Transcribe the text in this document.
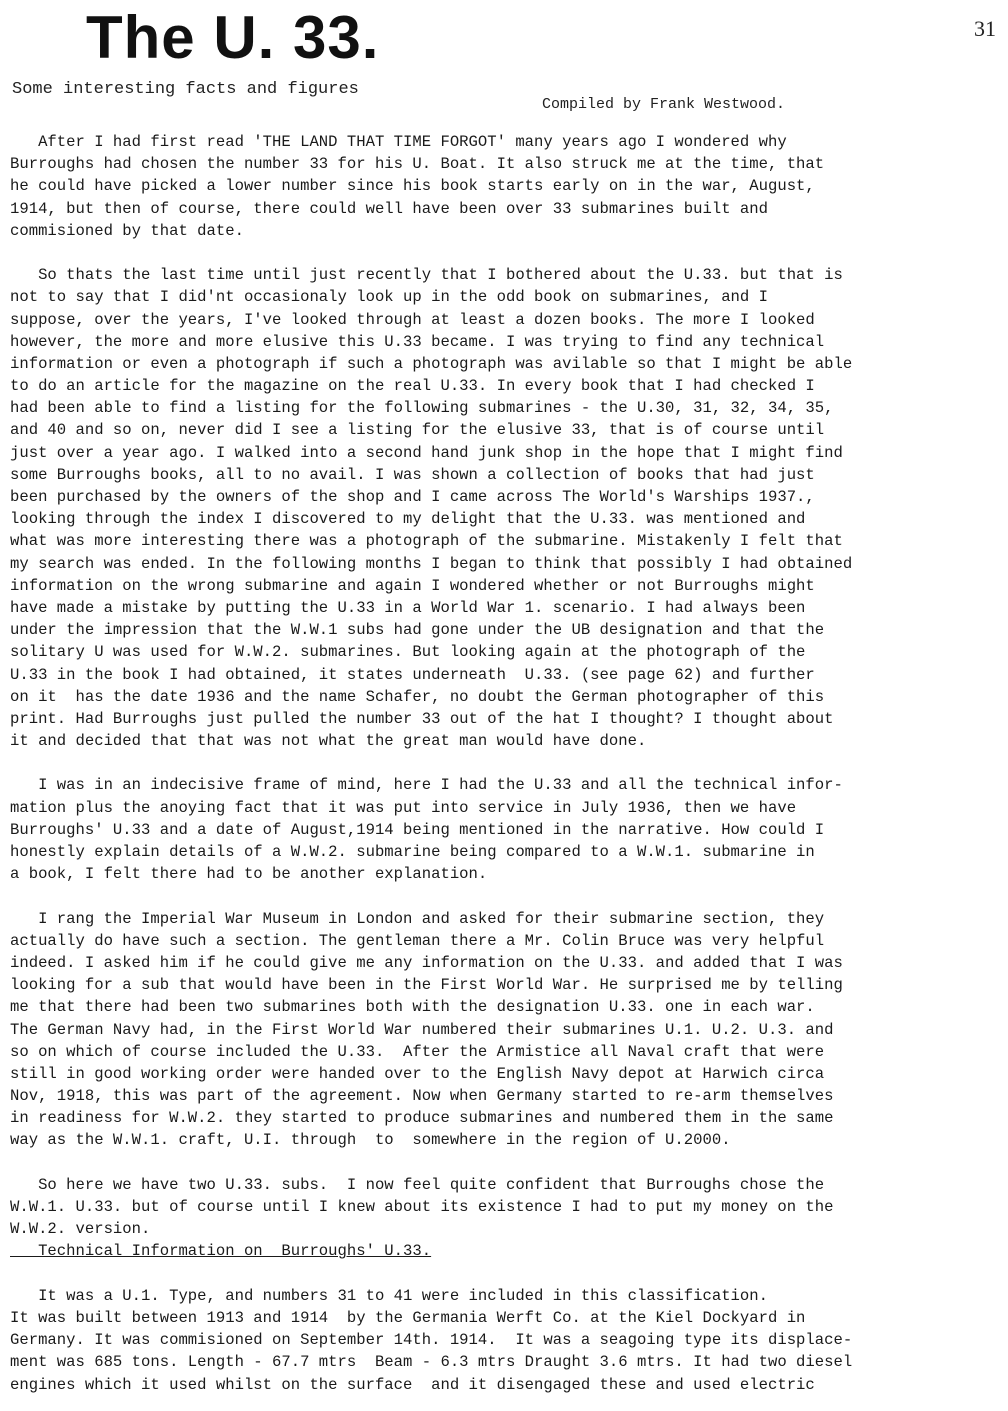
The U. 33.	31
Some interesting facts and figures
Compiled by Frank Westwood.
After I had first read 'THE LAND THAT TIME FORGOT' many years ago I wondered why
Burroughs had chosen the number 33 for his U. Boat. It also struck me at the time, that
he could have picked a lower number since his book starts early on in the war, August,
1914, but then of course, there could well have been over 33 submarines built and
commisioned by that date.
So thats the last time until just recently that I bothered about the U.33. but that is
not to say that I did'nt occasionaly look up in the odd book on submarines, and I
suppose, over the years, I've looked through at least a dozen books. The more I looked
however, the more and more elusive this U.33 became. I was trying to find any technical
information or even a photograph if such a photograph was avilable so that I might be able
to do an article for the magazine on the real U.33. In every book that I had checked I
had been able to find a listing for the following submarines - the U.30, 31, 32, 34, 35,
and 40 and so on, never did I see a listing for the elusive 33, that is of course until
just over a year ago. I walked into a second hand junk shop in the hope that I might find
some Burroughs books, all to no avail. I was shown a collection of books that had just
been purchased by the owners of the shop and I came across The World's Warships 1937.,
looking through the index I discovered to my delight that the U.33. was mentioned and
what was more interesting there was a photograph of the submarine. Mistakenly I felt that
my search was ended. In the following months I began to think that possibly I had obtained
information on the wrong submarine and again I wondered whether or not Burroughs might
have made a mistake by putting the U.33 in a World War 1. scenario. I had always been
under the impression that the W.W.1 subs had gone under the UB designation and that the
solitary U was used for W.W.2. submarines. But looking again at the photograph of the
U.33 in the book I had obtained, it states underneath  U.33. (see page 62) and further
on it  has the date 1936 and the name Schafer, no doubt the German photographer of this
print. Had Burroughs just pulled the number 33 out of the hat I thought? I thought about
it and decided that that was not what the great man would have done.
I was in an indecisive frame of mind, here I had the U.33 and all the technical infor-
mation plus the anoying fact that it was put into service in July 1936, then we have
Burroughs' U.33 and a date of August,1914 being mentioned in the narrative. How could I
honestly explain details of a W.W.2. submarine being compared to a W.W.1. submarine in
a book, I felt there had to be another explanation.
I rang the Imperial War Museum in London and asked for their submarine section, they
actually do have such a section. The gentleman there a Mr. Colin Bruce was very helpful
indeed. I asked him if he could give me any information on the U.33. and added that I was
looking for a sub that would have been in the First World War. He surprised me by telling
me that there had been two submarines both with the designation U.33. one in each war.
The German Navy had, in the First World War numbered their submarines U.1. U.2. U.3. and
so on which of course included the U.33.  After the Armistice all Naval craft that were
still in good working order were handed over to the English Navy depot at Harwich circa
Nov, 1918, this was part of the agreement. Now when Germany started to re-arm themselves
in readiness for W.W.2. they started to produce submarines and numbered them in the same
way as the W.W.1. craft, U.I. through  to  somewhere in the region of U.2000.
So here we have two U.33. subs.  I now feel quite confident that Burroughs chose the
W.W.1. U.33. but of course until I knew about its existence I had to put my money on the
W.W.2. version.
Technical Information on  Burroughs' U.33.
It was a U.1. Type, and numbers 31 to 41 were included in this classification.
It was built between 1913 and 1914  by the Germania Werft Co. at the Kiel Dockyard in
Germany. It was commisioned on September 14th. 1914.  It was a seagoing type its displace-
ment was 685 tons. Length - 67.7 mtrs  Beam - 6.3 mtrs Draught 3.6 mtrs. It had two diesel
engines which it used whilst on the surface  and it disengaged these and used electric
